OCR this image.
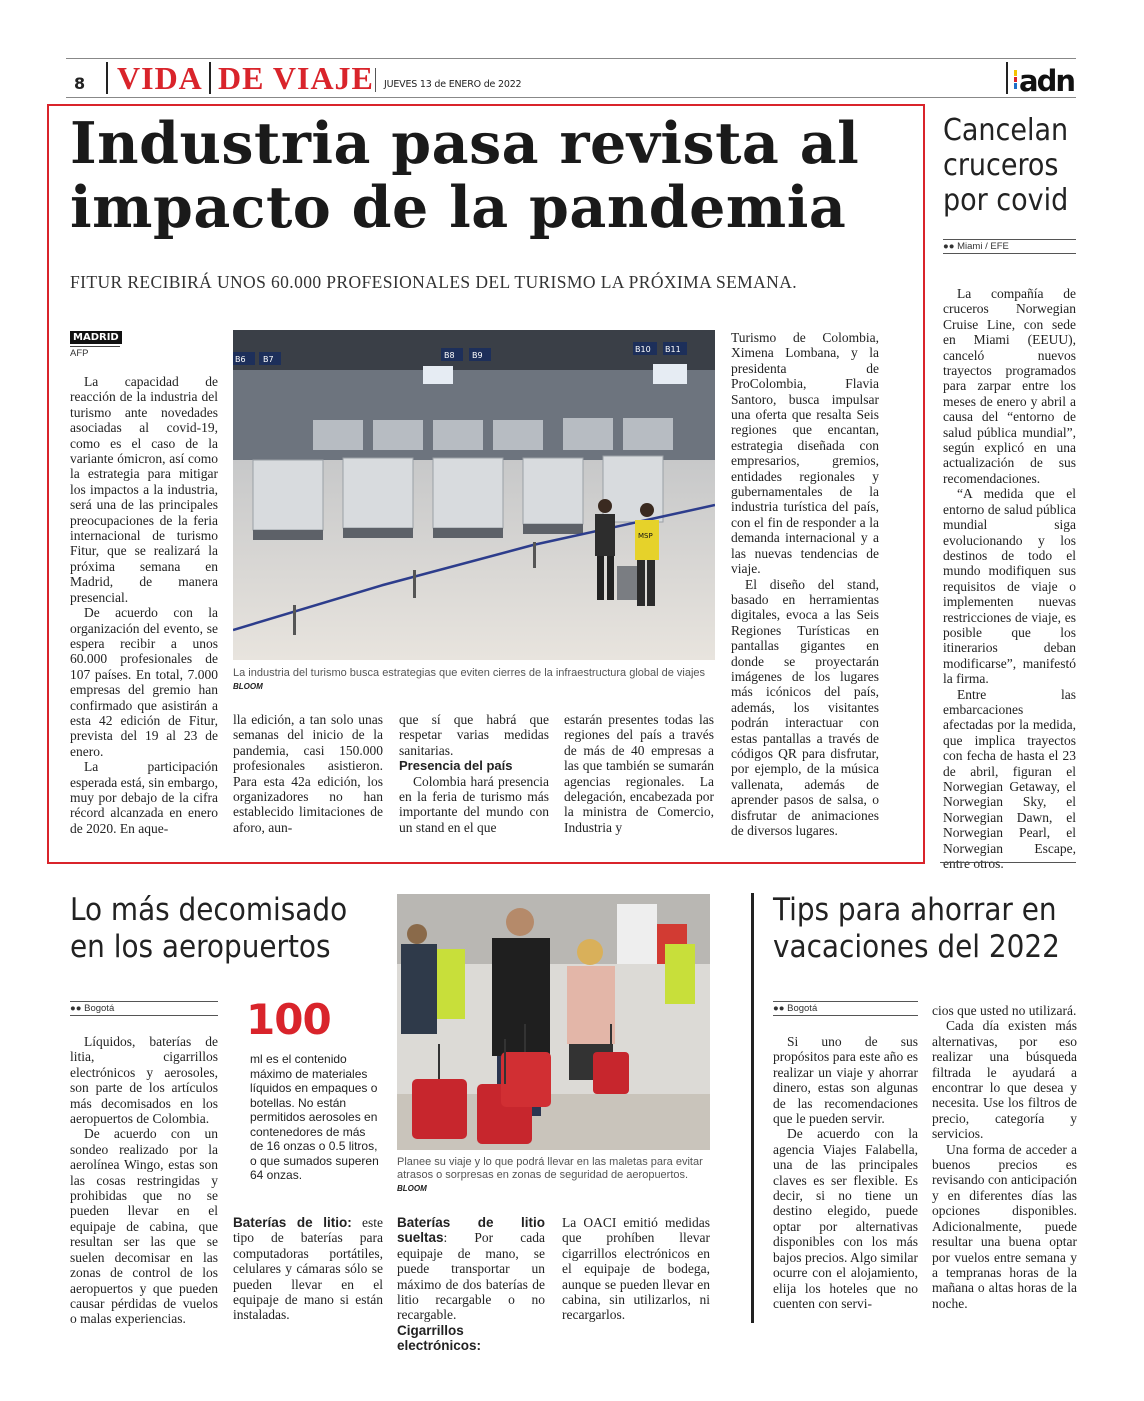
8 VIDA DE VIAJE JUEVES 13 de ENERO de 2022	adn
Industria pasa revista al
impacto de la pandemia
FITUR RECIBIRÁ UNOS 60.000 PROFESIONALES DEL TURISMO LA PRÓXIMA SEMANA.
MADRID
AFP

La capacidad de reacción de la industria del turismo ante novedades asociadas al covid-19, como es el caso de la variante ómicron, así como la estrategia para mitigar los impactos a la industria, será una de las principales preocupaciones de la feria internacional de turismo Fitur, que se realizará la próxima semana en Madrid, de manera presencial.

De acuerdo con la organización del evento, se espera recibir a unos 60.000 profesionales de 107 países. En total, 7.000 empresas del gremio han confirmado que asistirán a esta 42 edición de Fitur, prevista del 19 al 23 de enero.

La participación esperada está, sin embargo, muy por debajo de la cifra récord alcanzada en enero de 2020. En aque-

B6 B7	B8 B9
B10 B11
MSP
La industria del turismo busca estrategias que eviten cierres de la infraestructura global de viajes BLOOM

lla edición, a tan solo unas semanas del inicio de la pandemia, casi 150.000 profesionales asistieron. Para esta 42a edición, los organizadores no han establecido limitaciones de aforo, aun-

que sí que habrá que respetar varias medidas sanitarias.

Presencia del país

Colombia hará presencia en la feria de turismo más importante del mundo con un stand en el que

estarán presentes todas las regiones del país a través de más de 40 empresas a las que también se sumarán agencias regionales. La delegación, encabezada por la ministra de Comercio, Industria y

Turismo de Colombia, Ximena Lombana, y la presidenta de ProColombia, Flavia Santoro, busca impulsar una oferta que resalta Seis regiones que encantan, estrategia diseñada con empresarios, gremios, entidades regionales y gubernamentales de la industria turística del país, con el fin de responder a la demanda internacional y a las nuevas tendencias de viaje.

El diseño del stand, basado en herramientas digitales, evoca a las Seis Regiones Turísticas en pantallas gigantes en donde se proyectarán imágenes de los lugares más icónicos del país, además, los visitantes podrán interactuar con estas pantallas a través de códigos QR para disfrutar, por ejemplo, de la música vallenata, además de aprender pasos de salsa, o disfrutar de animaciones de diversos lugares.

Cancelan
cruceros
por covid
●● Miami / EFE

La compañía de cruceros Norwegian Cruise Line, con sede en Miami (EEUU), canceló nuevos trayectos programados para zarpar entre los meses de enero y abril a causa del “entorno de salud pública mundial”, según explicó en una actualización de sus recomendaciones.

“A medida que el entorno de salud pública mundial siga evolucionando y los destinos de todo el mundo modifiquen sus requisitos de viaje o implementen nuevas restricciones de viaje, es posible que los itinerarios deban modificarse”, manifestó la firma.

Entre las embarcaciones afectadas por la medida, que implica trayectos con fecha de hasta el 23 de abril, figuran el Norwegian Getaway, el Norwegian Sky, el Norwegian Dawn, el Norwegian Pearl, el Norwegian Escape, entre otros.

Lo más decomisado
en los aeropuertos
●● Bogotá

Líquidos, baterías de litia, cigarrillos electrónicos y aerosoles, son parte de los artículos más decomisados en los aeropuertos de Colombia.

De acuerdo con un sondeo realizado por la aerolínea Wingo, estas son las cosas restringidas y prohibidas que no se pueden llevar en el equipaje de cabina, que resultan ser las que se suelen decomisar en las zonas de control de los aeropuertos y que pueden causar pérdidas de vuelos o malas experiencias.

100
ml es el contenido máximo de materiales líquidos en empaques o botellas. No están permitidos aerosoles en contenedores de más de 16 onzas o 0.5 litros, o que sumados superen 64 onzas.
Planee su viaje y lo que podrá llevar en las maletas para evitar atrasos o sorpresas en zonas de seguridad de aeropuertos. BLOOM

Baterías de litio: este tipo de baterías para computadoras portátiles, celulares y cámaras sólo se pueden llevar en el equipaje de mano si están instaladas.

Baterías de litio sueltas: Por cada equipaje de mano, se puede transportar un máximo de dos baterías de litio recargable o no recargable.

Cigarrillos electrónicos:

La OACI emitió medidas que prohíben llevar cigarrillos electrónicos en el equipaje de bodega, aunque se pueden llevar en cabina, sin utilizarlos, ni recargarlos.

Tips para ahorrar en
vacaciones del 2022
●● Bogotá

Si uno de sus propósitos para este año es realizar un viaje y ahorrar dinero, estas son algunas de las recomendaciones que le pueden servir.

De acuerdo con la agencia Viajes Falabella, una de las principales claves es ser flexible. Es decir, si no tiene un destino elegido, puede optar por alternativas disponibles con los más bajos precios. Algo similar ocurre con el alojamiento, elija los hoteles que no cuenten con servi-

cios que usted no utilizará.

Cada día existen más alternativas, por eso realizar una búsqueda filtrada le ayudará a encontrar lo que desea y necesita. Use los filtros de precio, categoría y servicios.

Una forma de acceder a buenos precios es revisando con anticipación y en diferentes días las opciones disponibles. Adicionalmente, puede resultar una buena optar por vuelos entre semana y a tempranas horas de la mañana o altas horas de la noche.
